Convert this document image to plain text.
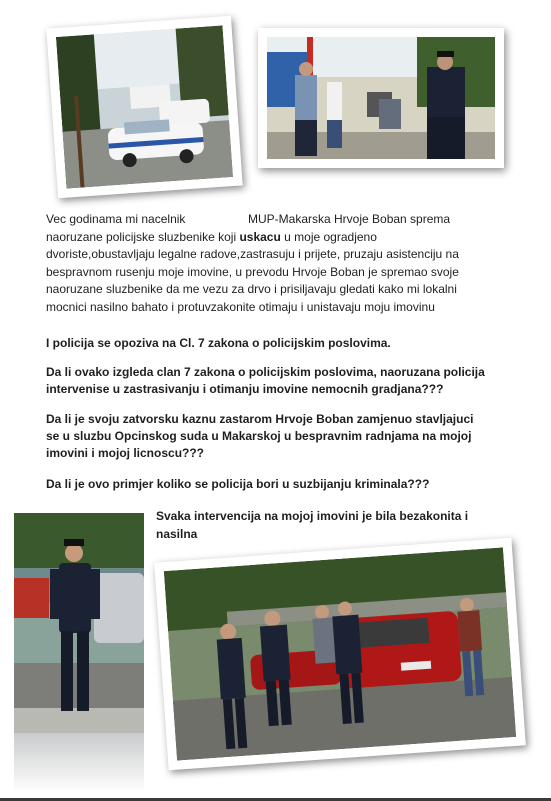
Vec godinama mi nacelnik	MUP-Makarska Hrvoje Boban sprema

naoruzane policijske sluzbenike koji uskacu u moje ogradjeno

dvoriste,obustavljaju legalne radove,zastrasuju i prijete, pruzaju asistenciju na

bespravnom rusenju moje imovine, u prevodu Hrvoje Boban je spremao svoje

naoruzane sluzbenike da me vezu za drvo i prisiljavaju gledati kako mi lokalni

mocnici nasilno bahato i protuvzakonite otimaju i unistavaju moju imovinu

I policija se opoziva na Cl. 7 zakona o policijskim poslovima.

Da li ovako izgleda clan 7 zakona o policijskim poslovima, naoruzana policija

intervenise u zastrasivanju i otimanju imovine nemocnih gradjana???

Da li je svoju zatvorsku kaznu zastarom Hrvoje Boban zamjenuo stavljajuci

se u sluzbu Opcinskog suda u Makarskoj u bespravnim radnjama na mojoj

imovini i mojoj licnoscu???

Da li je ovo primjer koliko se policija bori u suzbijanju kriminala???

Svaka intervencija na mojoj imovini je bila bezakonita i

nasilna
